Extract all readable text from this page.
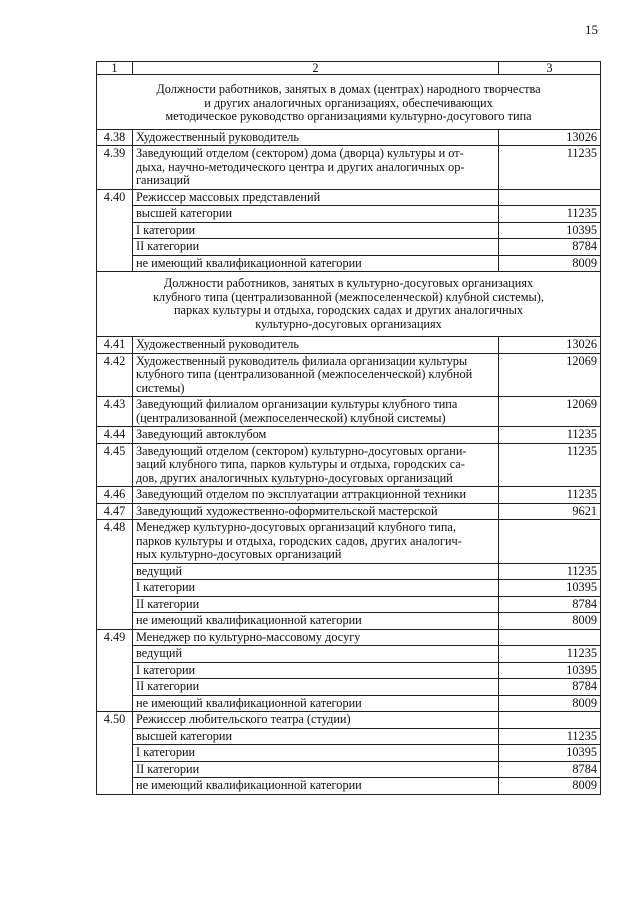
15
1	2	3

Должности работников, занятых в домах (центрах) народного творчества
и других аналогичных организациях, обеспечивающих
методическое руководство организациями культурно-досугового типа		

4.38	Художественный руководитель	13026
4.39	Заведующий отделом (сектором) дома (дворца) культуры и от-
дыха, научно-методического центра и других аналогичных ор-
ганизаций	11235
4.40	Режиссер массовых представлений	
	высшей категории	11235
	I категории	10395
	II категории	8784
	не имеющий квалификационной категории	8009

Должности работников, занятых в культурно-досуговых организациях
клубного типа (централизованной (межпоселенческой) клубной системы),
парках культуры и отдыха, городских садах и других аналогичных
культурно-досуговых организациях		

4.41	Художественный руководитель	13026
4.42	Художественный руководитель филиала организации культуры
клубного типа (централизованной (межпоселенческой) клубной
системы)	12069
4.43	Заведующий филиалом организации культуры клубного типа
(централизованной (межпоселенческой) клубной системы)	12069
4.44	Заведующий автоклубом	11235
4.45	Заведующий отделом (сектором) культурно-досуговых органи-
заций клубного типа, парков культуры и отдыха, городских са-
дов, других аналогичных культурно-досуговых организаций	11235
4.46	Заведующий отделом по эксплуатации аттракционной техники	11235
4.47	Заведующий художественно-оформительской мастерской	9621
4.48	Менеджер культурно-досуговых организаций клубного типа,
парков культуры и отдыха, городских садов, других аналогич-
ных культурно-досуговых организаций	

	ведущий	11235
	I категории	10395
	II категории	8784
	не имеющий квалификационной категории	8009
4.49	Менеджер по культурно-массовому досугу	
	ведущий	11235
	I категории	10395
	II категории	8784
	не имеющий квалификационной категории	8009
4.50	Режиссер любительского театра (студии)	
	высшей категории	11235
	I категории	10395
	II категории	8784
	не имеющий квалификационной категории	8009
